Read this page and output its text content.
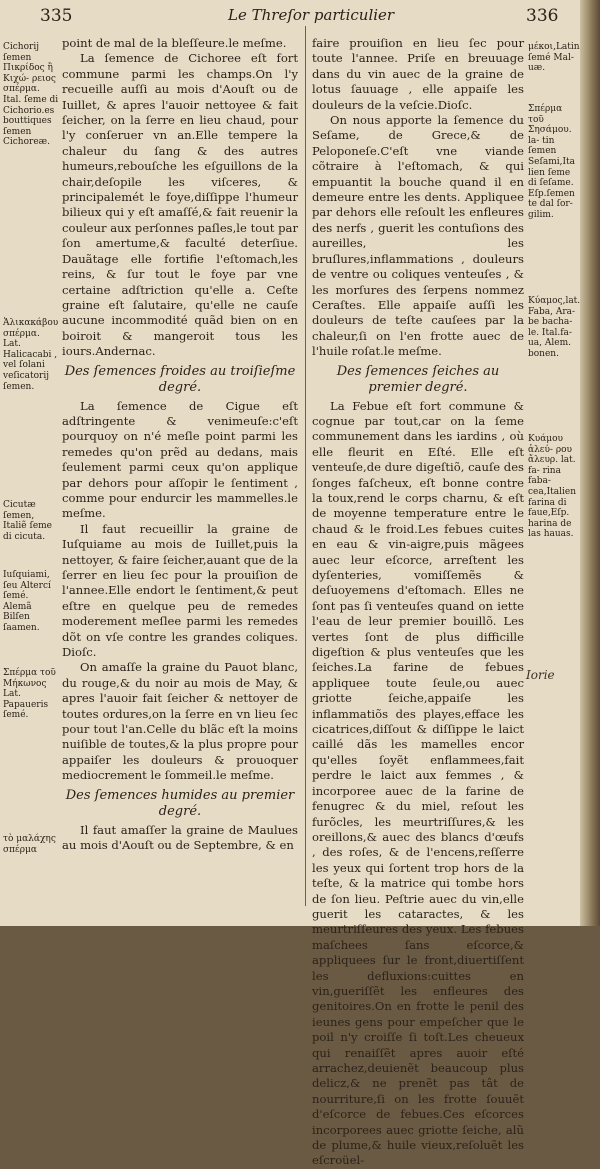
335	Le Threſor particulier	336
Cichorij ſemen Πικρίδος ἢ Κιχώ- ρειος σπέρμα. Ital. ſeme di Cichorio.es bouttiques ſemen Cichoreæ.
Ἁλικακάβου σπέρμα. Lat. Halicacabi , vel ſolani veſicatorij ſemen.
Cicutæ ſemen, Italiẽ ſeme di cicuta.
Iuſquiami, ſeu Altercí ſemé. Alemã Bilſen ſaamen.
Σπέρμα τοῦ Μήκωνος Lat. Papaueris ſemé.
τὸ μαλάχης σπέρμα

point de mal de la bleſſeure.le meſme.

La ſemence de Cichoree eſt fort commune parmi les champs.On l'y recueille auſſi au mois d'Aouſt ou de Iuillet, & apres l'auoir nettoyee & fait ſeicher, on la ſerre en lieu chaud, pour l'y conſeruer vn an.Elle tempere la chaleur du ſang & des autres humeurs,rebouſche les eſguillons de la chair,deſopile les viſceres, & principalemét le foye,diſſippe l'humeur bilieux qui y eſt amaſſé,& fait reuenir la couleur aux perſonnes paſles,le tout par ſon amertume,& faculté deterſiue. Dauãtage elle fortifie l'eſtomach,les reins, & ſur tout le foye par vne certaine adſtriction qu'elle a. Ceſte graine eſt ſalutaire, qu'elle ne cauſe aucune incommodité quãd bien on en boiroit & mangeroit tous les iours.Andernac.

Des ſemences froides au troiſieſme degré.

La ſemence de Cigue eſt adſtringente & venimeuſe:c'eſt pourquoy on n'é meſle point parmi les remedes qu'on prẽd au dedans, mais ſeulement parmi ceux qu'on applique par dehors pour aſſopir le ſentiment , comme pour endurcir les mammelles.le meſme.

Il faut recueillir la graine de Iuſquiame au mois de Iuillet,puis la nettoyer, & faire ſeicher,auant que de la ſerrer en lieu ſec pour la prouiſion de l'annee.Elle endort le ſentiment,& peut eſtre en quelque peu de remedes moderement meſlee parmi les remedes dõt on vſe contre les grandes coliques. Dioſc.

On amaſſe la graine du Pauot blanc, du rouge,& du noir au mois de May, & apres l'auoir fait ſeicher & nettoyer de toutes ordures,on la ſerre en vn lieu ſec pour tout l'an.Celle du blãc eſt la moins nuiſible de toutes,& la plus propre pour appaiſer les douleurs & prouoquer mediocrement le ſommeil.le meſme.

Des ſemences humides au premier degré.

Il faut amaſſer la graine de Maulues au mois d'Aouſt ou de Septembre, & en

faire prouiſion en lieu ſec pour toute l'annee. Priſe en breuuage dans du vin auec de la graine de lotus ſauuage , elle appaiſe les douleurs de la veſcie.Dioſc.

On nous apporte la ſemence du Seſame, de Grece,& de Peloponeſe.C'eſt vne viande cõtraire à l'eſtomach, & qui empuantit la bouche quand il en demeure entre les dents. Appliquee par dehors elle reſoult les enfleures des nerfs , guerit les contuſions des aureilles, les bruſlures,inflammations , douleurs de ventre ou coliques venteuſes , & les morſures des ſerpens nommez Ceraſtes. Elle appaiſe auſſi les douleurs de teſte cauſees par la chaleur,ſi on l'en frotte auec de l'huile roſat.le meſme.

Des ſemences ſeiches au premier degré.

La Febue eſt fort commune & cognue par tout,car on la ſeme communement dans les iardins , où elle fleurit en Eſté. Elle eſt venteuſe,de dure digeſtiõ, cauſe des ſonges faſcheux, eſt bonne contre la toux,rend le corps charnu, & eſt de moyenne temperature entre le chaud & le froid.Les febues cuites en eau & vin-aigre,puis mãgees auec leur eſcorce, arreſtent les dyſenteries, vomiſſemẽs & deſuoyemens d'eſtomach. Elles ne ſont pas ſi venteuſes quand on iette l'eau de leur premier bouillõ. Les vertes ſont de plus difficille digeſtion & plus venteuſes que les ſeiches.La farine de febues appliquee toute ſeule,ou auec griotte ſeiche,appaiſe les inflammatiõs des playes,efface les cicatrices,diſſout & diſſippe le laict caillé dãs les mamelles encor qu'elles ſoyẽt enflammees,fait perdre le laict aux femmes , & incorporee auec de la farine de fenugrec & du miel, reſout les furõcles, les meurtriſſures,& les oreillons,& auec des blancs d'œufs , des roſes, & de l'encens,reſſerre les yeux qui ſortent trop hors de la teſte, & la matrice qui tombe hors de ſon lieu. Peſtrie auec du vin,elle guerit les cataractes, & les meurtriſſeures des yeux. Les febues maſchees ſans eſcorce,& appliquees ſur le front,diuertiſſent les defluxions:cuittes en vin,gueriſſẽt les enfleures des genitoires.On en frotte le penil des ieunes gens pour empeſcher que le poil n'y croiſſe ſi toſt.Les cheueux qui renaiſſẽt apres auoir eſté arrachez,deuienẽt beaucoup plus delicz,& ne prenẽt pas tât de nourriture,ſi on les frotte ſouuẽt d'eſcorce de febues.Ces eſcorces incorporees auec griotte ſeiche, alũ de plume,& huile vieux,reſoluẽt les eſcroüel-

μέκοι,Latin ſemé Mal- uæ.
Σπέρμα τοῦ Σησάμου. la- tin ſemen Seſami,Ita lien ſeme di ſeſame. Eſp.ſemen te dal ſor- gilim.
Κύαμος,lat. Faba, Ara- be bacha- le. Ital.fa- ua, Alem. bonen.
Κυάμου ἀλεύ- ρου ἄλευρ. lat. fa- rina faba- cea,Italien farina di faue,Eſp. harina de las hauas.
Iorie
